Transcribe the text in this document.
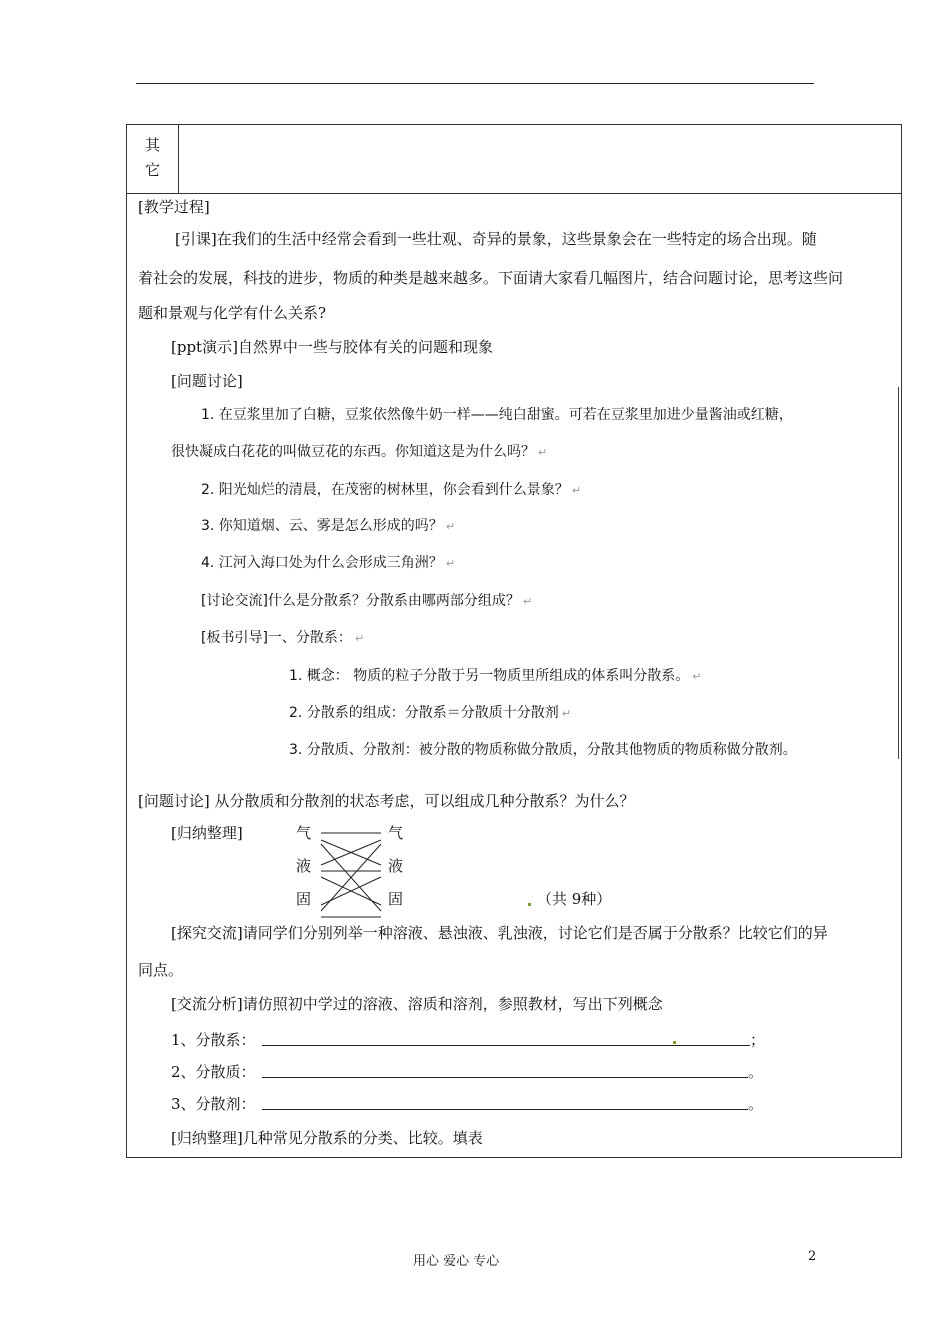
其
它
[教学过程]
[引课]在我们的生活中经常会看到一些壮观、奇异的景象，这些景象会在一些特定的场合出现。随
着社会的发展，科技的进步，物质的种类是越来越多。下面请大家看几幅图片，结合问题讨论，思考这些问
题和景观与化学有什么关系?
[ppt演示]自然界中一些与胶体有关的问题和现象
[问题讨论]
1. 在豆浆里加了白糖，豆浆依然像牛奶一样——纯白甜蜜。可若在豆浆里加进少量酱油或红糖，
很快凝成白花花的叫做豆花的东西。你知道这是为什么吗？ ↵
2. 阳光灿烂的清晨，在茂密的树林里，你会看到什么景象？ ↵
3. 你知道烟、云、雾是怎么形成的吗？ ↵
4. 江河入海口处为什么会形成三角洲？ ↵
[讨论交流]什么是分散系？分散系由哪两部分组成？ ↵
[板书引导]一、分散系： ↵
1. 概念： 物质的粒子分散于另一物质里所组成的体系叫分散系。 ↵
2. 分散系的组成：分散系＝分散质十分散剂 ↵
3. 分散质、分散剂：被分散的物质称做分散质，分散其他物质的物质称做分散剂。
[问题讨论] 从分散质和分散剂的状态考虑，可以组成几种分散系？为什么？
[归纳整理]	气
液
固
气
液
固	（共 9种）
[探究交流]请同学们分别列举一种溶液、悬浊液、乳浊液，讨论它们是否属于分散系？比较它们的异
同点。
[交流分析]请仿照初中学过的溶液、溶质和溶剂，参照教材，写出下列概念
1、分散系：	；
2、分散质：	。
3、分散剂：	。
[归纳整理]几种常见分散系的分类、比较。填表
用心 爱心 专心	2
